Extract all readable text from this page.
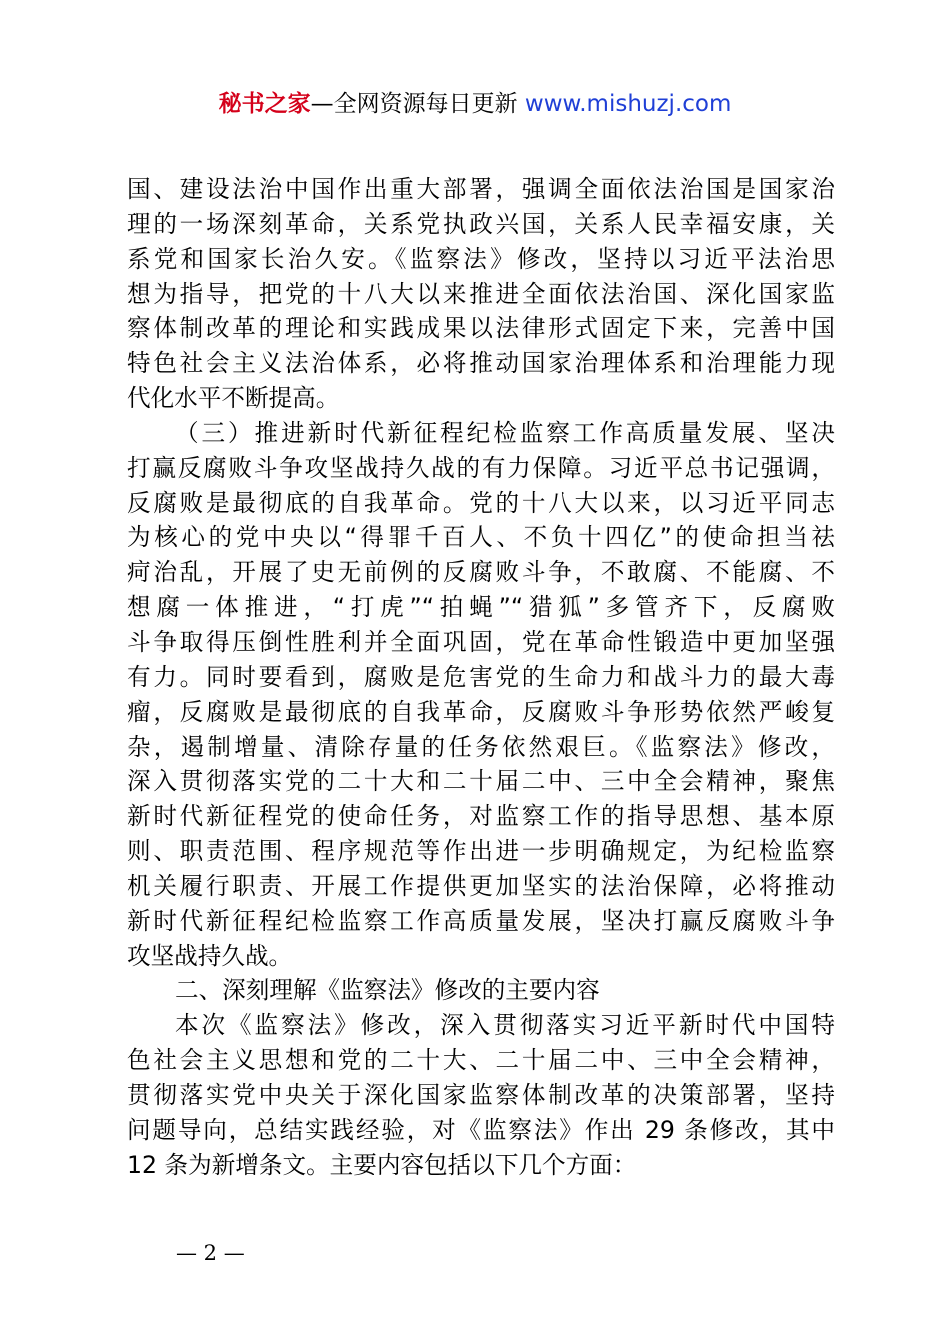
秘书之家—全网资源每日更新 www.mishuzj.com
国、建设法治中国作出重大部署，强调全面依法治国是国家治
理的一场深刻革命，关系党执政兴国，关系人民幸福安康，关
系党和国家长治久安。《监察法》修改，坚持以习近平法治思
想为指导，把党的十八大以来推进全面依法治国、深化国家监
察体制改革的理论和实践成果以法律形式固定下来，完善中国
特色社会主义法治体系，必将推动国家治理体系和治理能力现
代化水平不断提高。
（三）推进新时代新征程纪检监察工作高质量发展、坚决
打赢反腐败斗争攻坚战持久战的有力保障。习近平总书记强调，
反腐败是最彻底的自我革命。党的十八大以来，以习近平同志
为核心的党中央以“得罪千百人、不负十四亿”的使命担当祛
疴治乱，开展了史无前例的反腐败斗争，不敢腐、不能腐、不
想腐一体推进，“打虎”“拍蝇”“猎狐”多管齐下，反腐败
斗争取得压倒性胜利并全面巩固，党在革命性锻造中更加坚强
有力。同时要看到，腐败是危害党的生命力和战斗力的最大毒
瘤，反腐败是最彻底的自我革命，反腐败斗争形势依然严峻复
杂，遏制增量、清除存量的任务依然艰巨。《监察法》修改，
深入贯彻落实党的二十大和二十届二中、三中全会精神，聚焦
新时代新征程党的使命任务，对监察工作的指导思想、基本原
则、职责范围、程序规范等作出进一步明确规定，为纪检监察
机关履行职责、开展工作提供更加坚实的法治保障，必将推动
新时代新征程纪检监察工作高质量发展，坚决打赢反腐败斗争
攻坚战持久战。
二、深刻理解《监察法》修改的主要内容
本次《监察法》修改，深入贯彻落实习近平新时代中国特
色社会主义思想和党的二十大、二十届二中、三中全会精神，
贯彻落实党中央关于深化国家监察体制改革的决策部署，坚持
问题导向，总结实践经验，对《监察法》作出 29 条修改，其中
12 条为新增条文。主要内容包括以下几个方面：
— 2 —
